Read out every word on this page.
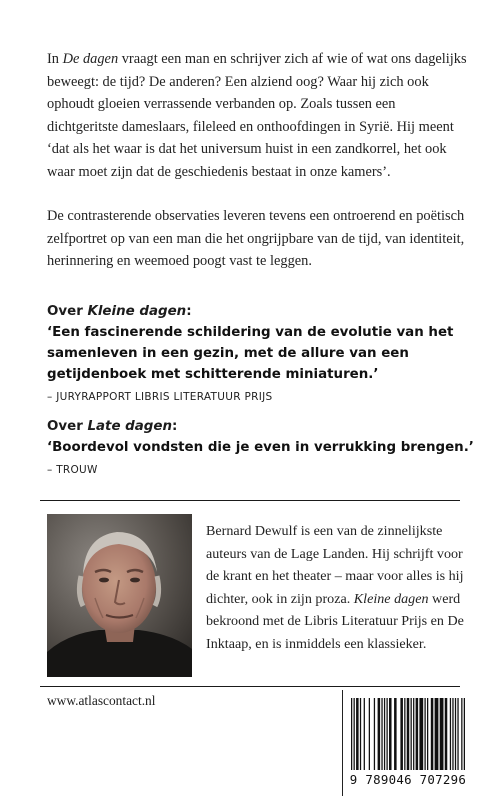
In De dagen vraagt een man en schrijver zich af wie of wat ons dagelijks beweegt: de tijd? De anderen? Een alziend oog? Waar hij zich ook ophoudt gloeien verrassende verbanden op. Zoals tussen een dichtgeritste dameslaars, fileleed en onthoofdingen in Syrië. Hij meent ‘dat als het waar is dat het universum huist in een zandkorrel, het ook waar moet zijn dat de geschiedenis bestaat in onze kamers’.

De contrasterende observaties leveren tevens een ontroerend en poëtisch zelfportret op van een man die het ongrijpbare van de tijd, van identiteit, herinnering en weemoed poogt vast te leggen.

Over Kleine dagen:
‘Een fascinerende schildering van de evolutie van het samenleven in een gezin, met de allure van een getijdenboek met schitterende miniaturen.’
– JURYRAPPORT LIBRIS LITERATUUR PRIJS
Over Late dagen:
‘Boordevol vondsten die je even in verrukking brengen.’
– TROUW

Bernard Dewulf is een van de zinnelijkste auteurs van de Lage Landen. Hij schrijft voor de krant en het theater – maar voor alles is hij dichter, ook in zijn proza. Kleine dagen werd bekroond met de Libris Literatuur Prijs en De Inktaap, en is inmiddels een klassieker.

www.atlascontact.nl
9 789046 707296
